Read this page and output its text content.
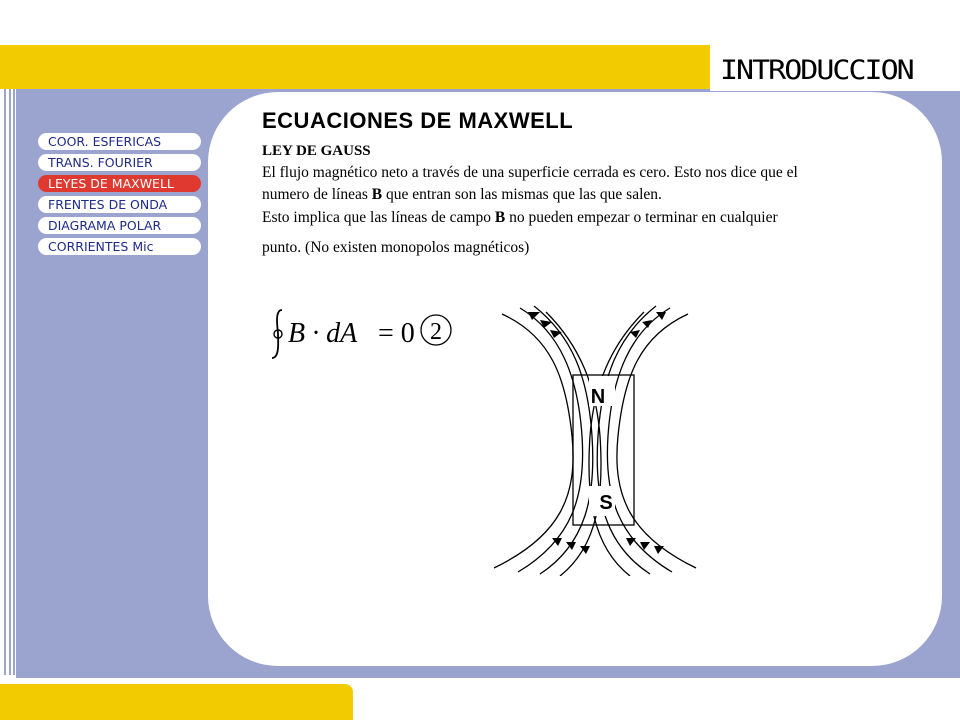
INTRODUCCION
ECUACIONES DE MAXWELL
COOR. ESFERICAS
TRANS. FOURIER
LEYES DE MAXWELL
FRENTES DE ONDA
DIAGRAMA POLAR
CORRIENTES Mic
LEY DE GAUSS
El flujo magnético neto a través de una superficie cerrada es cero. Esto nos dice que el
numero de líneas B que entran son las mismas que las que salen.
Esto implica que las líneas de campo B no pueden empezar o terminar en cualquier
punto. (No existen monopolos magnéticos)
B · dA = 0 2
N
S
